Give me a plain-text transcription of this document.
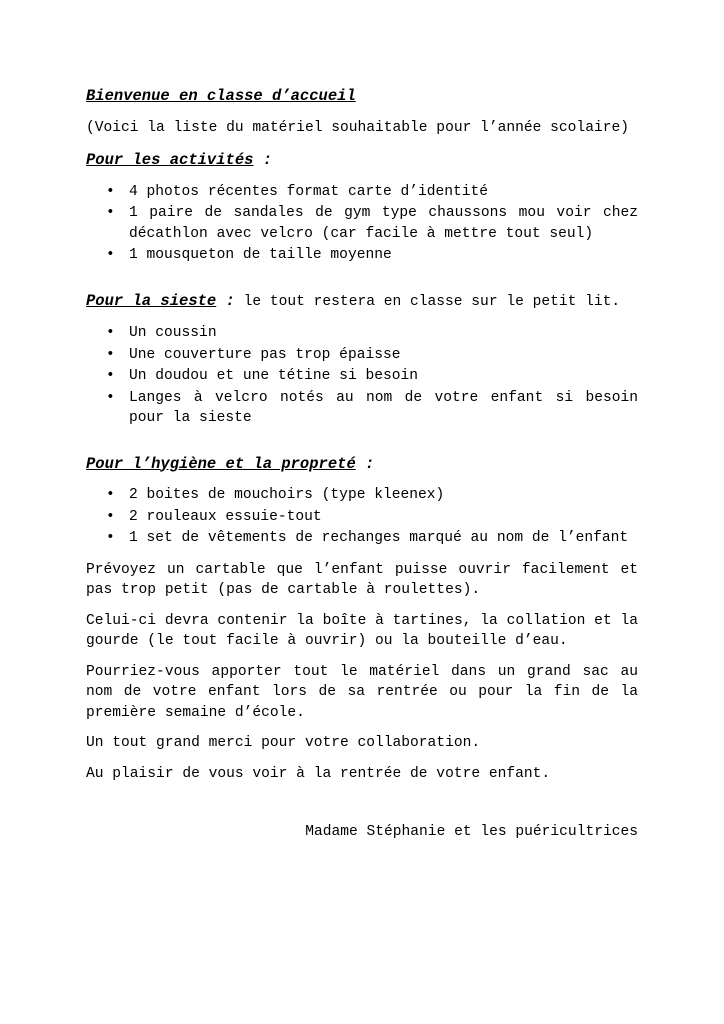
Bienvenue en classe d’accueil
(Voici la liste du matériel souhaitable pour l’année scolaire)
Pour les activités :
• 4 photos récentes format carte d’identité
• 1 paire de sandales de gym type chaussons mou voir chez décathlon avec velcro (car facile à mettre tout seul)
• 1 mousqueton de taille moyenne
Pour la sieste : le tout restera en classe sur le petit lit.
• Un coussin
• Une couverture pas trop épaisse
• Un doudou et une tétine si besoin
• Langes à velcro notés au nom de votre enfant si besoin pour la sieste
Pour l’hygiène et la propreté :
• 2 boites de mouchoirs (type kleenex)
• 2 rouleaux essuie-tout
• 1 set de vêtements de rechanges marqué au nom de l’enfant

Prévoyez un cartable que l’enfant puisse ouvrir facilement et pas trop petit (pas de cartable à roulettes).

Celui-ci devra contenir la boîte à tartines, la collation et la gourde (le tout facile à ouvrir) ou la bouteille d’eau.

Pourriez-vous apporter tout le matériel dans un grand sac au nom de votre enfant lors de sa rentrée ou pour la fin de la première semaine d’école.

Un tout grand merci pour votre collaboration.

Au plaisir de vous voir à la rentrée de votre enfant.

Madame Stéphanie et les puéricultrices
